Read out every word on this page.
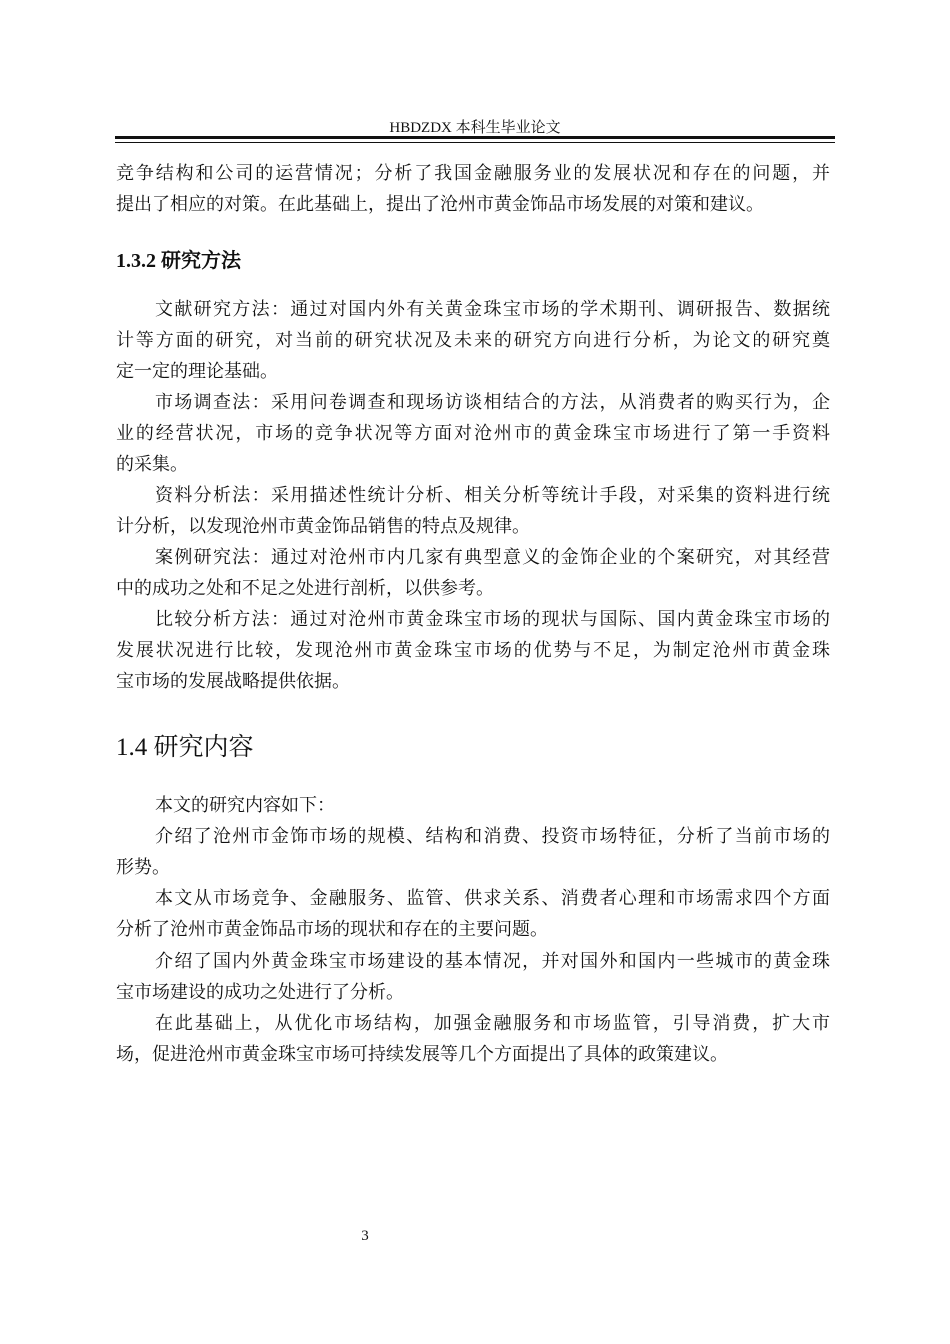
HBDZDX 本科生毕业论文
竞争结构和公司的运营情况；分析了我国金融服务业的发展状况和存在的问题，并
提出了相应的对策。在此基础上，提出了沧州市黄金饰品市场发展的对策和建议。
1.3.2 研究方法
文献研究方法：通过对国内外有关黄金珠宝市场的学术期刊、调研报告、数据统
计等方面的研究，对当前的研究状况及未来的研究方向进行分析，为论文的研究奠
定一定的理论基础。
市场调查法：采用问卷调查和现场访谈相结合的方法，从消费者的购买行为，企
业的经营状况，市场的竞争状况等方面对沧州市的黄金珠宝市场进行了第一手资料
的采集。
资料分析法：采用描述性统计分析、相关分析等统计手段，对采集的资料进行统
计分析，以发现沧州市黄金饰品销售的特点及规律。
案例研究法：通过对沧州市内几家有典型意义的金饰企业的个案研究，对其经营
中的成功之处和不足之处进行剖析，以供参考。
比较分析方法：通过对沧州市黄金珠宝市场的现状与国际、国内黄金珠宝市场的
发展状况进行比较，发现沧州市黄金珠宝市场的优势与不足，为制定沧州市黄金珠
宝市场的发展战略提供依据。
1.4 研究内容
本文的研究内容如下：
介绍了沧州市金饰市场的规模、结构和消费、投资市场特征，分析了当前市场的
形势。
本文从市场竞争、金融服务、监管、供求关系、消费者心理和市场需求四个方面
分析了沧州市黄金饰品市场的现状和存在的主要问题。
介绍了国内外黄金珠宝市场建设的基本情况，并对国外和国内一些城市的黄金珠
宝市场建设的成功之处进行了分析。
在此基础上，从优化市场结构，加强金融服务和市场监管，引导消费，扩大市
场，促进沧州市黄金珠宝市场可持续发展等几个方面提出了具体的政策建议。
3
